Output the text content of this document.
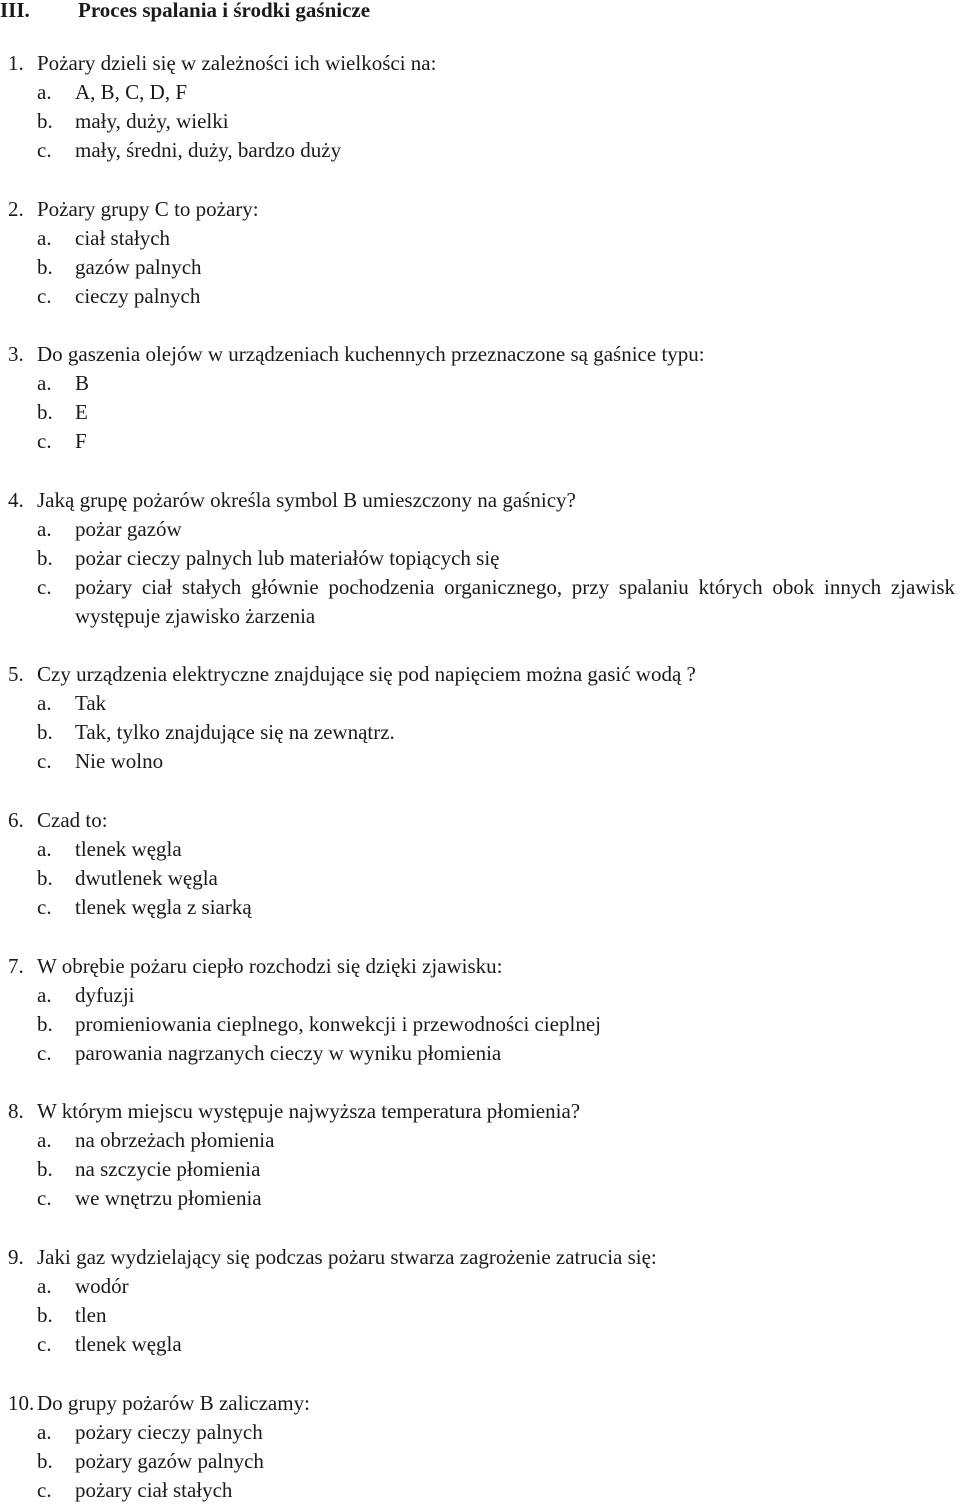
III. Proces spalania i środki gaśnicze
1. Pożary dzieli się w zależności ich wielkości na:
a. A, B, C, D, F
b. mały, duży, wielki
c. mały, średni, duży, bardzo duży
2. Pożary grupy C to pożary:
a. ciał stałych
b. gazów palnych
c. cieczy palnych
3. Do gaszenia olejów w urządzeniach kuchennych przeznaczone są gaśnice typu:
a. B
b. E
c. F
4. Jaką grupę pożarów określa symbol B umieszczony na gaśnicy?
a. pożar gazów
b. pożar cieczy palnych lub materiałów topiących się
c. pożary ciał stałych głównie pochodzenia organicznego, przy spalaniu których obok innych zjawisk występuje zjawisko żarzenia
5. Czy urządzenia elektryczne znajdujące się pod napięciem można gasić wodą ?
a. Tak
b. Tak, tylko znajdujące się na zewnątrz.
c. Nie wolno
6. Czad to:
a. tlenek węgla
b. dwutlenek węgla
c. tlenek węgla z siarką
7. W obrębie pożaru ciepło rozchodzi się dzięki zjawisku:
a. dyfuzji
b. promieniowania cieplnego, konwekcji i przewodności cieplnej
c. parowania nagrzanych cieczy w wyniku płomienia
8. W którym miejscu występuje najwyższa temperatura płomienia?
a. na obrzeżach płomienia
b. na szczycie płomienia
c. we wnętrzu płomienia
9. Jaki gaz wydzielający się podczas pożaru stwarza zagrożenie zatrucia się:
a. wodór
b. tlen
c. tlenek węgla
10. Do grupy pożarów B zaliczamy:
a. pożary cieczy palnych
b. pożary gazów palnych
c. pożary ciał stałych
